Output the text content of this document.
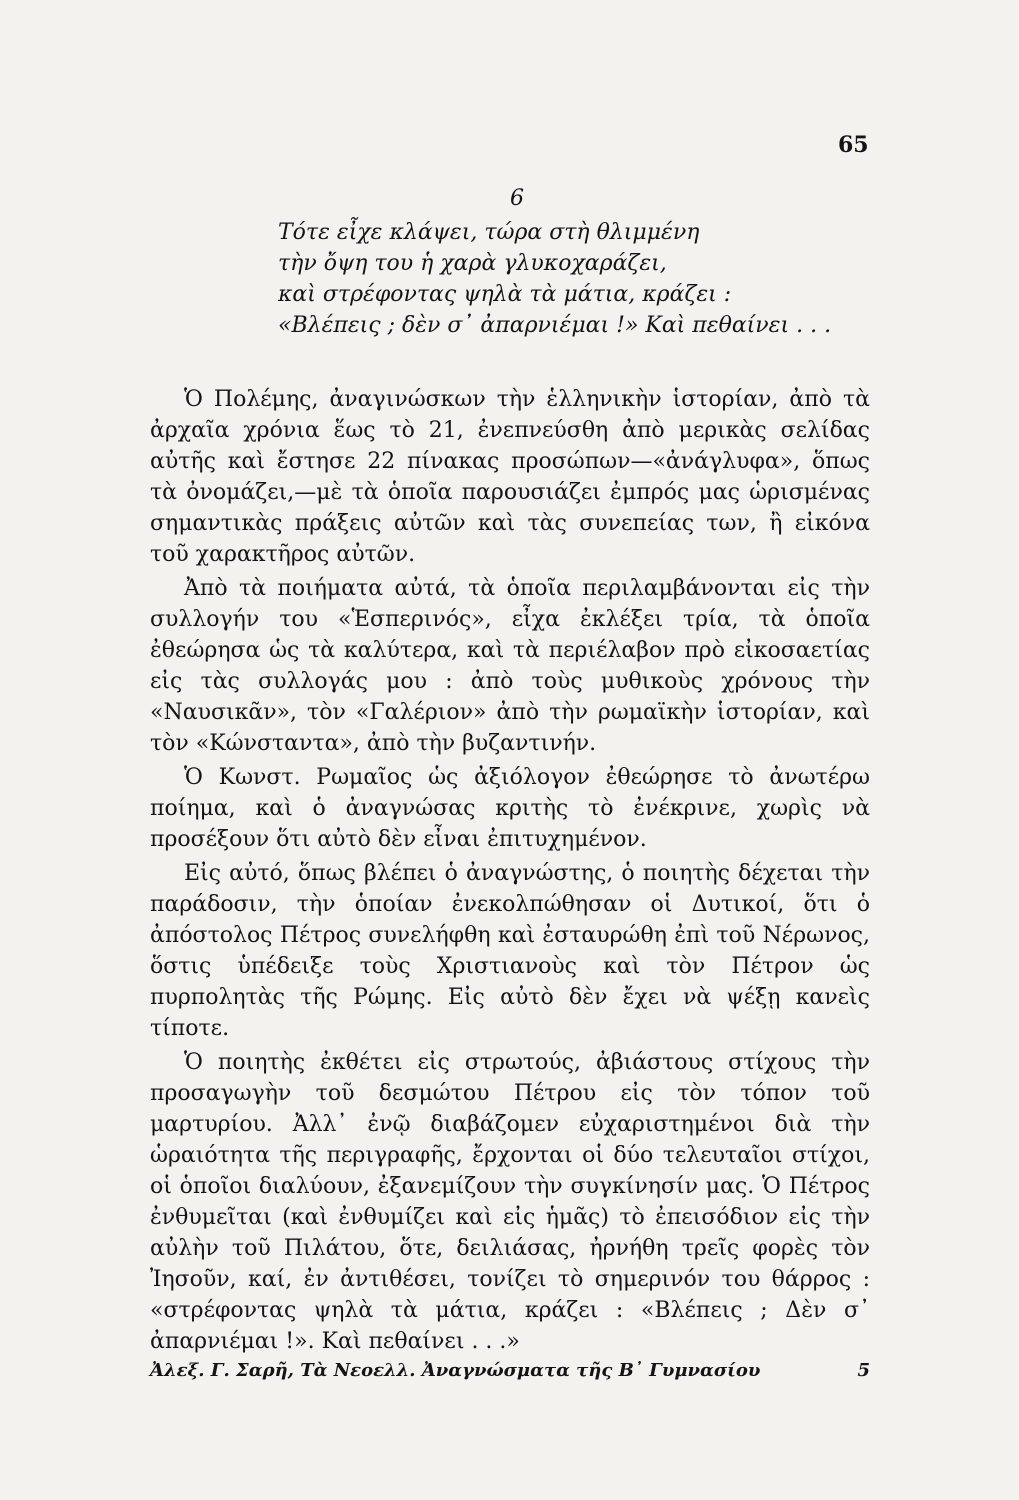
65
6
Τότε εἶχε κλάψει, τώρα στὴ θλιμμένη
τὴν ὄψη του ἡ χαρὰ γλυκοχαράζει,
καὶ στρέφοντας ψηλὰ τὰ μάτια, κράζει :
«Βλέπεις ; δὲν σ᾽ ἀπαρνιέμαι !» Καὶ πεθαίνει . . .

Ὁ Πολέμης, ἀναγινώσκων τὴν ἑλληνικὴν ἱστορίαν, ἀπὸ τὰ ἀρχαῖα χρόνια ἕως τὸ 21, ἐνεπνεύσθη ἀπὸ μερικὰς σελίδας αὐτῆς καὶ ἔστησε 22 πίνακας προσώπων—«ἀνάγλυφα», ὅπως τὰ ὀνομάζει,—μὲ τὰ ὁποῖα παρουσιάζει ἐμπρός μας ὡρισμένας σημαντικὰς πράξεις αὐτῶν καὶ τὰς συνεπείας των, ἢ εἰκόνα τοῦ χαρακτῆρος αὐτῶν.

Ἀπὸ τὰ ποιήματα αὐτά, τὰ ὁποῖα περιλαμβάνονται εἰς τὴν συλλογήν του «Ἑσπερινός», εἶχα ἐκλέξει τρία, τὰ ὁποῖα ἐθεώρησα ὡς τὰ καλύτερα, καὶ τὰ περιέλαβον πρὸ εἰκοσαετίας εἰς τὰς συλλογάς μου : ἀπὸ τοὺς μυθικοὺς χρόνους τὴν «Ναυσικᾶν», τὸν «Γαλέριον» ἀπὸ τὴν ρωμαϊκὴν ἱστορίαν, καὶ τὸν «Κώνσταντα», ἀπὸ τὴν βυζαντινήν.

Ὁ Κωνστ. Ρωμαῖος ὡς ἀξιόλογον ἐθεώρησε τὸ ἀνωτέρω ποίημα, καὶ ὁ ἀναγνώσας κριτὴς τὸ ἐνέκρινε, χωρὶς νὰ προσέξουν ὅτι αὐτὸ δὲν εἶναι ἐπιτυχημένον.

Εἰς αὐτό, ὅπως βλέπει ὁ ἀναγνώστης, ὁ ποιητὴς δέχεται τὴν παράδοσιν, τὴν ὁποίαν ἐνεκολπώθησαν οἱ Δυτικοί, ὅτι ὁ ἀπόστολος Πέτρος συνελήφθη καὶ ἐσταυρώθη ἐπὶ τοῦ Νέρωνος, ὅστις ὑπέδειξε τοὺς Χριστιανοὺς καὶ τὸν Πέτρον ὡς πυρπολητὰς τῆς Ρώμης. Εἰς αὐτὸ δὲν ἔχει νὰ ψέξῃ κανεὶς τίποτε.

Ὁ ποιητὴς ἐκθέτει εἰς στρωτούς, ἀβιάστους στίχους τὴν προσαγωγὴν τοῦ δεσμώτου Πέτρου εἰς τὸν τόπον τοῦ μαρτυρίου. Ἀλλ᾽ ἐνῷ διαβάζομεν εὐχαριστημένοι διὰ τὴν ὡραιότητα τῆς περιγραφῆς, ἔρχονται οἱ δύο τελευταῖοι στίχοι, οἱ ὁποῖοι διαλύουν, ἐξανεμίζουν τὴν συγκίνησίν μας. Ὁ Πέτρος ἐνθυμεῖται (καὶ ἐνθυμίζει καὶ εἰς ἡμᾶς) τὸ ἐπεισόδιον εἰς τὴν αὐλὴν τοῦ Πιλάτου, ὅτε, δειλιάσας, ἠρνήθη τρεῖς φορὲς τὸν Ἰησοῦν, καί, ἐν ἀντιθέσει, τονίζει τὸ σημερινόν του θάρρος : «στρέφοντας ψηλὰ τὰ μάτια, κράζει : «Βλέπεις ; Δὲν σ᾽ ἀπαρνιέμαι !». Καὶ πεθαίνει . . .»

Ἀλεξ. Γ. Σαρῆ, Τὰ Νεοελλ. Ἀναγνώσματα τῆς Β᾽ Γυμνασίου	5
